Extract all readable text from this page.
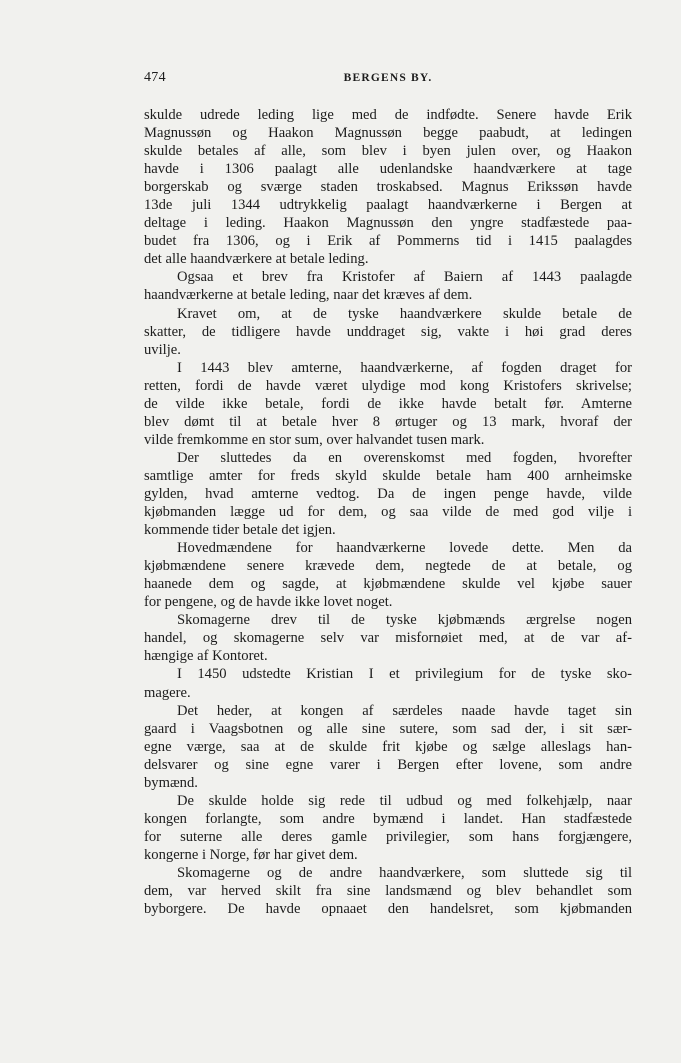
474	BERGENS BY.
skulde udrede leding lige med de indfødte. Senere havde Erik
Magnussøn og Haakon Magnussøn begge paabudt, at ledingen
skulde betales af alle, som blev i byen julen over, og Haakon
havde i 1306 paalagt alle udenlandske haandværkere at tage
borgerskab og sværge staden troskabsed. Magnus Erikssøn havde
13de juli 1344 udtrykkelig paalagt haandværkerne i Bergen at
deltage i leding. Haakon Magnussøn den yngre stadfæstede paa-
budet fra 1306, og i Erik af Pommerns tid i 1415 paalagdes
det alle haandværkere at betale leding.
Ogsaa et brev fra Kristofer af Baiern af 1443 paalagde
haandværkerne at betale leding, naar det kræves af dem.
Kravet om, at de tyske haandværkere skulde betale de
skatter, de tidligere havde unddraget sig, vakte i høi grad deres
uvilje.
I 1443 blev amterne, haandværkerne, af fogden draget for
retten, fordi de havde været ulydige mod kong Kristofers skrivelse;
de vilde ikke betale, fordi de ikke havde betalt før. Amterne
blev dømt til at betale hver 8 ørtuger og 13 mark, hvoraf der
vilde fremkomme en stor sum, over halvandet tusen mark.
Der sluttedes da en overenskomst med fogden, hvorefter
samtlige amter for freds skyld skulde betale ham 400 arnheimske
gylden, hvad amterne vedtog. Da de ingen penge havde, vilde
kjøbmanden lægge ud for dem, og saa vilde de med god vilje i
kommende tider betale det igjen.
Hovedmændene for haandværkerne lovede dette. Men da
kjøbmændene senere krævede dem, negtede de at betale, og
haanede dem og sagde, at kjøbmændene skulde vel kjøbe sauer
for pengene, og de havde ikke lovet noget.
Skomagerne drev til de tyske kjøbmænds ærgrelse nogen
handel, og skomagerne selv var misfornøiet med, at de var af-
hængige af Kontoret.
I 1450 udstedte Kristian I et privilegium for de tyske sko-
magere.
Det heder, at kongen af særdeles naade havde taget sin
gaard i Vaagsbotnen og alle sine sutere, som sad der, i sit sær-
egne værge, saa at de skulde frit kjøbe og sælge alleslags han-
delsvarer og sine egne varer i Bergen efter lovene, som andre
bymænd.
De skulde holde sig rede til udbud og med folkehjælp, naar
kongen forlangte, som andre bymænd i landet. Han stadfæstede
for suterne alle deres gamle privilegier, som hans forgjængere,
kongerne i Norge, før har givet dem.
Skomagerne og de andre haandværkere, som sluttede sig til
dem, var herved skilt fra sine landsmænd og blev behandlet som
byborgere. De havde opnaaet den handelsret, som kjøbmanden
